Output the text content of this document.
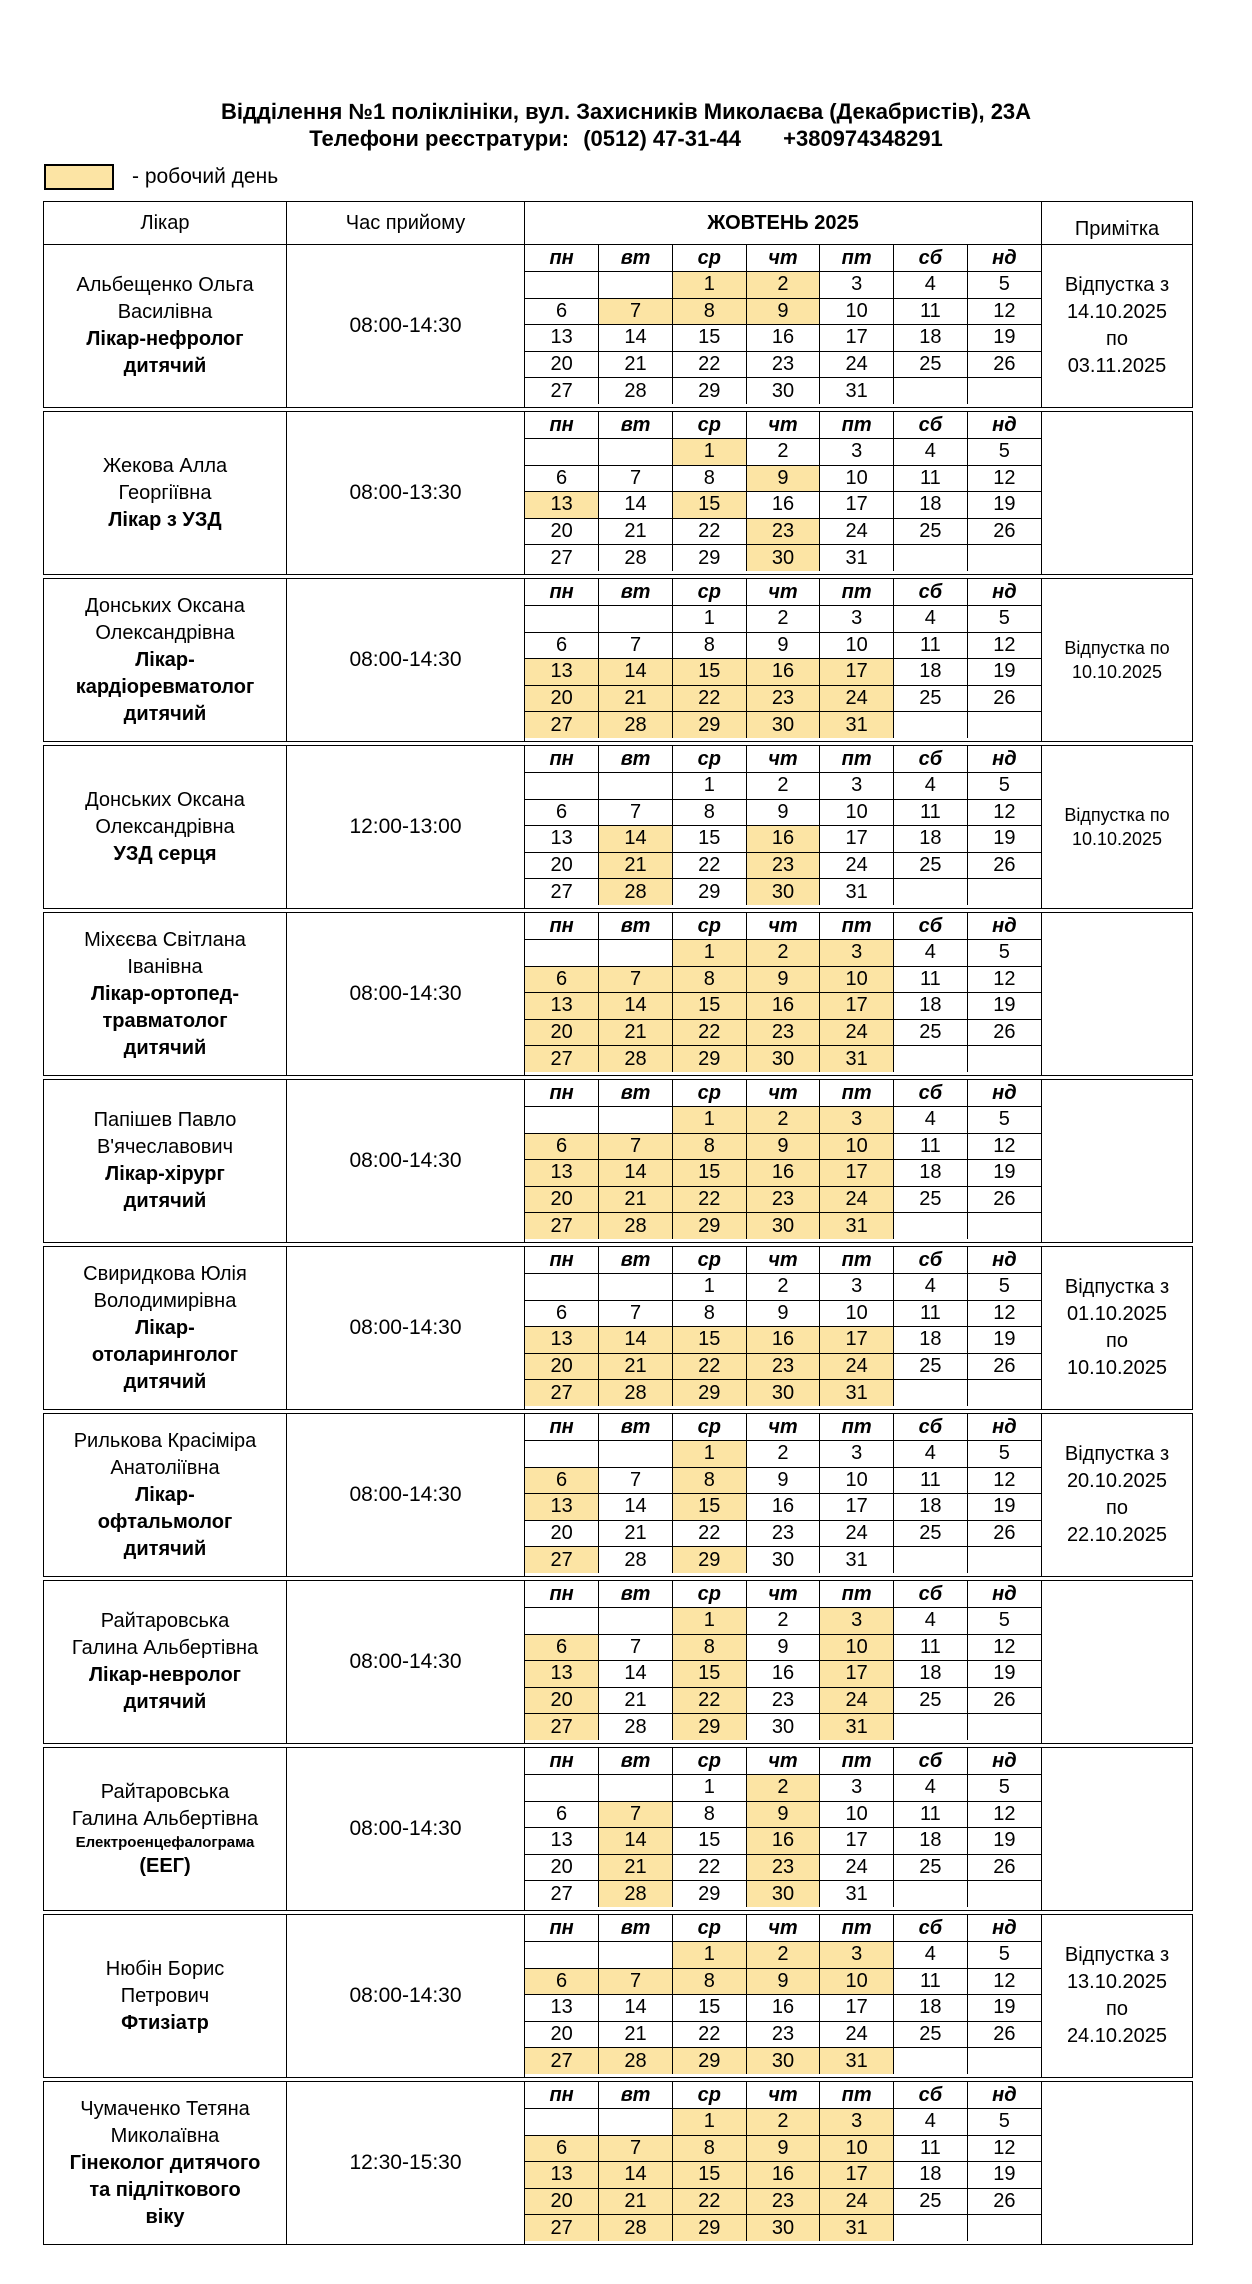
Відділення №1 поліклініки, вул. Захисників Миколаєва (Декабристів), 23А
Телефони реєстратури: (0512) 47-31-44 +380974348291
- робочий день
Лікар	Час прийому	ЖОВТЕНЬ 2025	Примітка

Альбещенко Ольга
Василівна
Лікар-нефролог
дитячий
	08:00-14:30	
пн	вт	ср	чт	пт	сб	нд
		1	2	3	4	5
6	7	8	9	10	11	12
13	14	15	16	17	18	19
20	21	22	23	24	25	26
27	28	29	30	31		

Відпустка з
14.10.2025
по
03.11.2025

Жекова Алла
Георгіївна
Лікар з УЗД
	08:00-13:30	
пн	вт	ср	чт	пт	сб	нд
		1	2	3	4	5
6	7	8	9	10	11	12
13	14	15	16	17	18	19
20	21	22	23	24	25	26
27	28	29	30	31		

Донських Оксана
Олександрівна
Лікар-
кардіоревматолог
дитячий
	08:00-14:30	
пн	вт	ср	чт	пт	сб	нд
		1	2	3	4	5
6	7	8	9	10	11	12
13	14	15	16	17	18	19
20	21	22	23	24	25	26
27	28	29	30	31		

Відпустка по
10.10.2025

Донських Оксана
Олександрівна
УЗД серця
	12:00-13:00	
пн	вт	ср	чт	пт	сб	нд
		1	2	3	4	5
6	7	8	9	10	11	12
13	14	15	16	17	18	19
20	21	22	23	24	25	26
27	28	29	30	31		

Відпустка по
10.10.2025

Міхєєва Світлана
Іванівна
Лікар-ортопед-
травматолог
дитячий
	08:00-14:30	
пн	вт	ср	чт	пт	сб	нд
		1	2	3	4	5
6	7	8	9	10	11	12
13	14	15	16	17	18	19
20	21	22	23	24	25	26
27	28	29	30	31		

Папішев Павло
В'ячеславович
Лікар-хірург
дитячий
	08:00-14:30	
пн	вт	ср	чт	пт	сб	нд
		1	2	3	4	5
6	7	8	9	10	11	12
13	14	15	16	17	18	19
20	21	22	23	24	25	26
27	28	29	30	31		

Свиридкова Юлія
Володимирівна
Лікар-
отоларинголог
дитячий
	08:00-14:30	
пн	вт	ср	чт	пт	сб	нд
		1	2	3	4	5
6	7	8	9	10	11	12
13	14	15	16	17	18	19
20	21	22	23	24	25	26
27	28	29	30	31		

Відпустка з
01.10.2025
по
10.10.2025

Рилькова Красіміра
Анатоліївна
Лікар-
офтальмолог
дитячий
	08:00-14:30	
пн	вт	ср	чт	пт	сб	нд
		1	2	3	4	5
6	7	8	9	10	11	12
13	14	15	16	17	18	19
20	21	22	23	24	25	26
27	28	29	30	31		

Відпустка з
20.10.2025
по
22.10.2025

Райтаровська
Галина Альбертівна
Лікар-невролог
дитячий
	08:00-14:30	
пн	вт	ср	чт	пт	сб	нд
		1	2	3	4	5
6	7	8	9	10	11	12
13	14	15	16	17	18	19
20	21	22	23	24	25	26
27	28	29	30	31		

Райтаровська
Галина Альбертівна
Електроенцефалограма
(ЕЕГ)
	08:00-14:30	
пн	вт	ср	чт	пт	сб	нд
		1	2	3	4	5
6	7	8	9	10	11	12
13	14	15	16	17	18	19
20	21	22	23	24	25	26
27	28	29	30	31		

Нюбін Борис
Петрович
Фтизіатр
	08:00-14:30	
пн	вт	ср	чт	пт	сб	нд
		1	2	3	4	5
6	7	8	9	10	11	12
13	14	15	16	17	18	19
20	21	22	23	24	25	26
27	28	29	30	31		

Відпустка з
13.10.2025
по
24.10.2025

Чумаченко Тетяна
Миколаївна
Гінеколог дитячого
та підліткового
віку
	12:30-15:30	
пн	вт	ср	чт	пт	сб	нд
		1	2	3	4	5
6	7	8	9	10	11	12
13	14	15	16	17	18	19
20	21	22	23	24	25	26
27	28	29	30	31		
